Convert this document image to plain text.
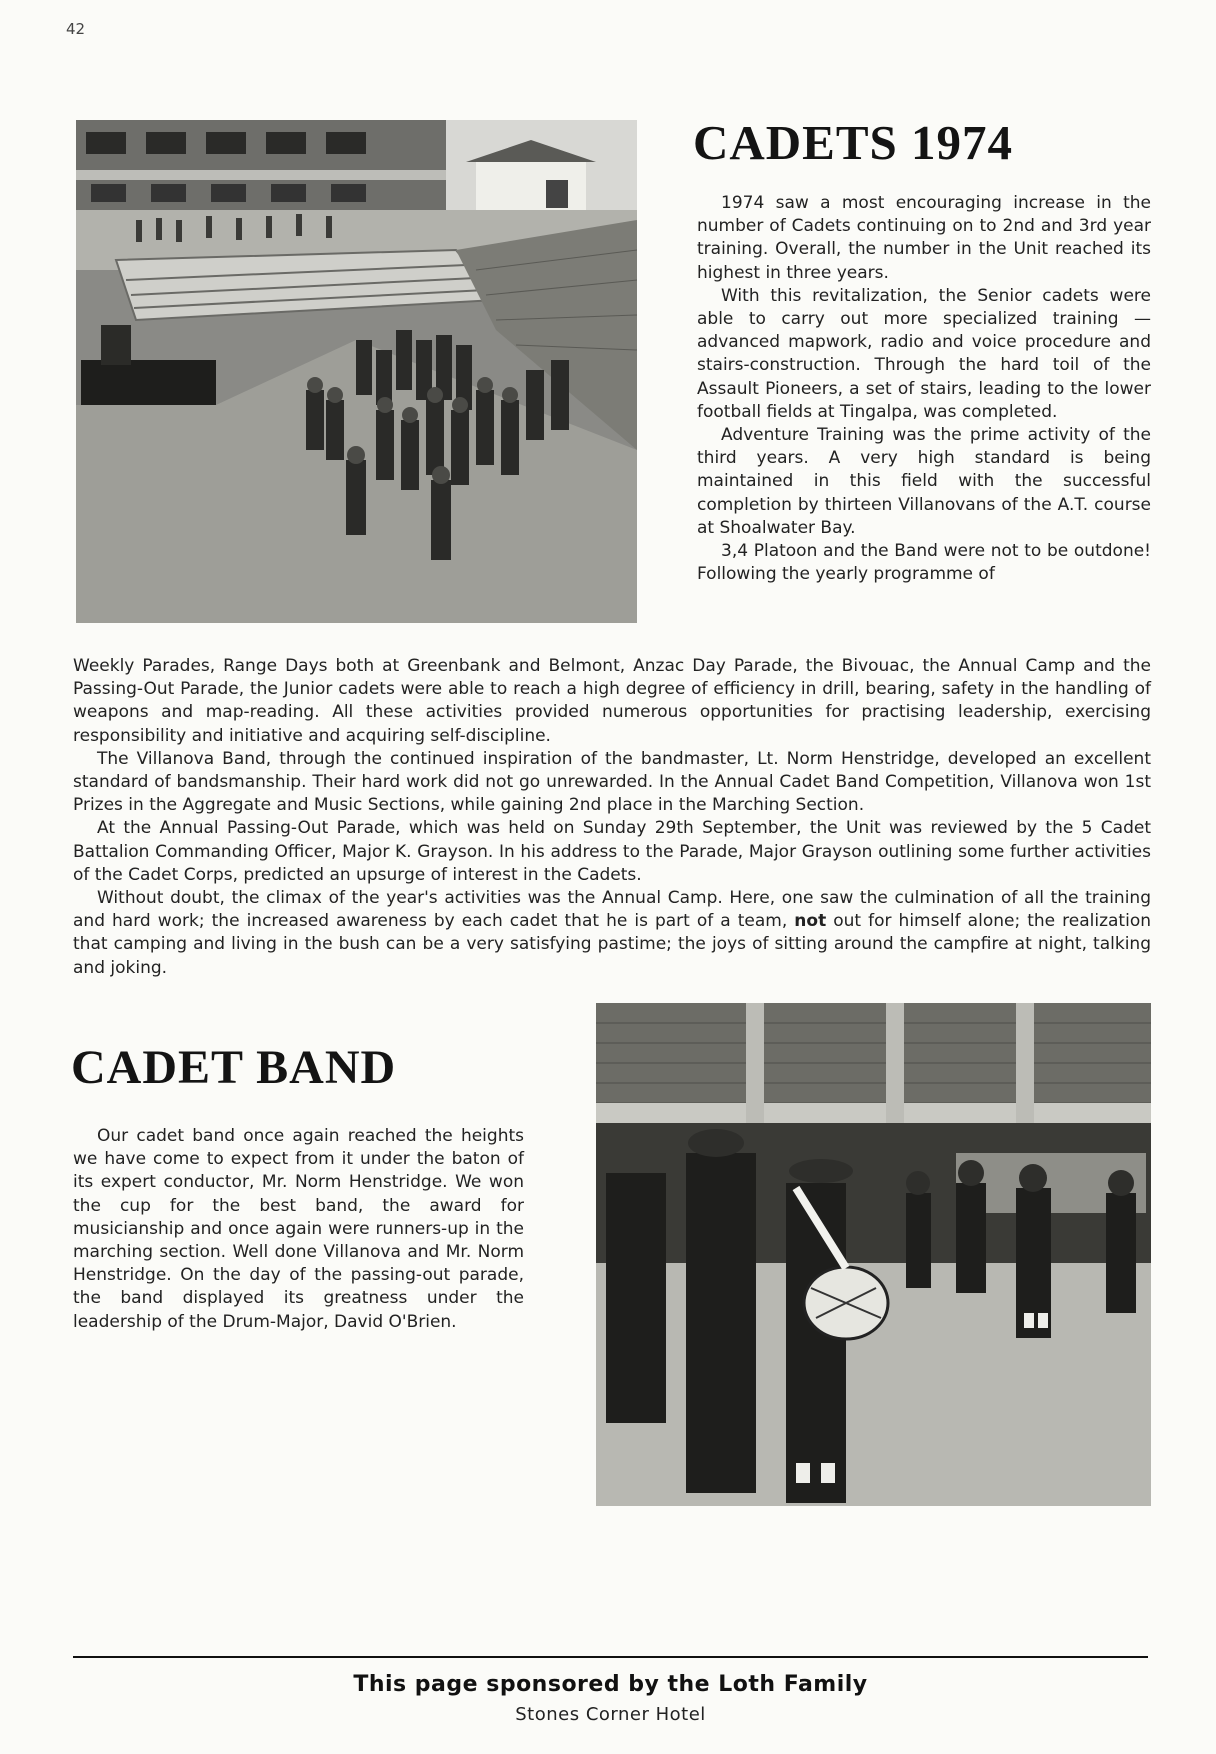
42
CADETS 1974

1974 saw a most encouraging increase in the number of Cadets continuing on to 2nd and 3rd year training. Overall, the number in the Unit reached its highest in three years.

With this revitalization, the Senior cadets were able to carry out more specialized training — advanced mapwork, radio and voice procedure and stairs-construction. Through the hard toil of the Assault Pioneers, a set of stairs, leading to the lower football fields at Tingalpa, was completed.

Adventure Training was the prime activity of the third years. A very high standard is being maintained in this field with the successful completion by thirteen Villanovans of the A.T. course at Shoalwater Bay.

3,4 Platoon and the Band were not to be outdone! Following the yearly programme of

Weekly Parades, Range Days both at Greenbank and Belmont, Anzac Day Parade, the Bivouac, the Annual Camp and the Passing-Out Parade, the Junior cadets were able to reach a high degree of efficiency in drill, bearing, safety in the handling of weapons and map-reading. All these activities provided numerous opportunities for practising leadership, exercising responsibility and initiative and acquiring self-discipline.

The Villanova Band, through the continued inspiration of the bandmaster, Lt. Norm Henstridge, developed an excellent standard of bandsmanship. Their hard work did not go unrewarded. In the Annual Cadet Band Competition, Villanova won 1st Prizes in the Aggregate and Music Sections, while gaining 2nd place in the Marching Section.

At the Annual Passing-Out Parade, which was held on Sunday 29th September, the Unit was reviewed by the 5 Cadet Battalion Commanding Officer, Major K. Grayson. In his address to the Parade, Major Grayson outlining some further activities of the Cadet Corps, predicted an upsurge of interest in the Cadets.

Without doubt, the climax of the year's activities was the Annual Camp. Here, one saw the culmination of all the training and hard work; the increased awareness by each cadet that he is part of a team, not out for himself alone; the realization that camping and living in the bush can be a very satisfying pastime; the joys of sitting around the campfire at night, talking and joking.

CADET BAND

Our cadet band once again reached the heights we have come to expect from it under the baton of its expert conductor, Mr. Norm Henstridge. We won the cup for the best band, the award for musicianship and once again were runners-up in the marching section. Well done Villanova and Mr. Norm Henstridge. On the day of the passing-out parade, the band displayed its greatness under the leadership of the Drum-Major, David O'Brien.

This page sponsored by the Loth Family
Stones Corner Hotel
